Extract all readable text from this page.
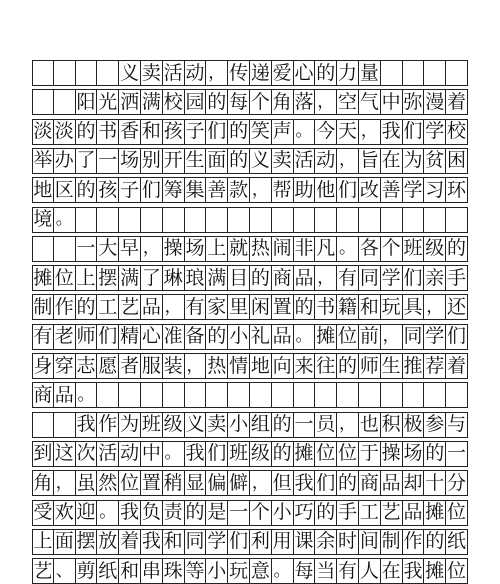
义 卖 活 动 ， 传 递 爱 心 的 力 量
阳 光 洒 满 校 园 的 每 个 角 落 ， 空 气 中 弥 漫 着
淡 淡 的 书 香 和 孩 子 们 的 笑 声 。 今 天 ， 我 们 学 校
举 办 了 一 场 别 开 生 面 的 义 卖 活 动 ， 旨 在 为 贫 困
地 区 的 孩 子 们 筹 集 善 款 ， 帮 助 他 们 改 善 学 习 环
境 。
一 大 早 ， 操 场 上 就 热 闹 非 凡 。 各 个 班 级 的
摊 位 上 摆 满 了 琳 琅 满 目 的 商 品 ， 有 同 学 们 亲 手
制 作 的 工 艺 品 ， 有 家 里 闲 置 的 书 籍 和 玩 具 ， 还
有 老 师 们 精 心 准 备 的 小 礼 品 。 摊 位 前 ， 同 学 们
身 穿 志 愿 者 服 装 ， 热 情 地 向 来 往 的 师 生 推 荐 着
商 品 。
我 作 为 班 级 义 卖 小 组 的 一 员 ， 也 积 极 参 与
到 这 次 活 动 中 。 我 们 班 级 的 摊 位 位 于 操 场 的 一
角 ， 虽 然 位 置 稍 显 偏 僻 ， 但 我 们 的 商 品 却 十 分
受 欢 迎 。 我 负 责 的 是 一 个 小 巧 的 手 工 艺 品 摊 位
上 面 摆 放 着 我 和 同 学 们 利 用 课 余 时 间 制 作 的 纸
艺 、 剪 纸 和 串 珠 等 小 玩 意 。 每 当 有 人 在 我 摊 位
